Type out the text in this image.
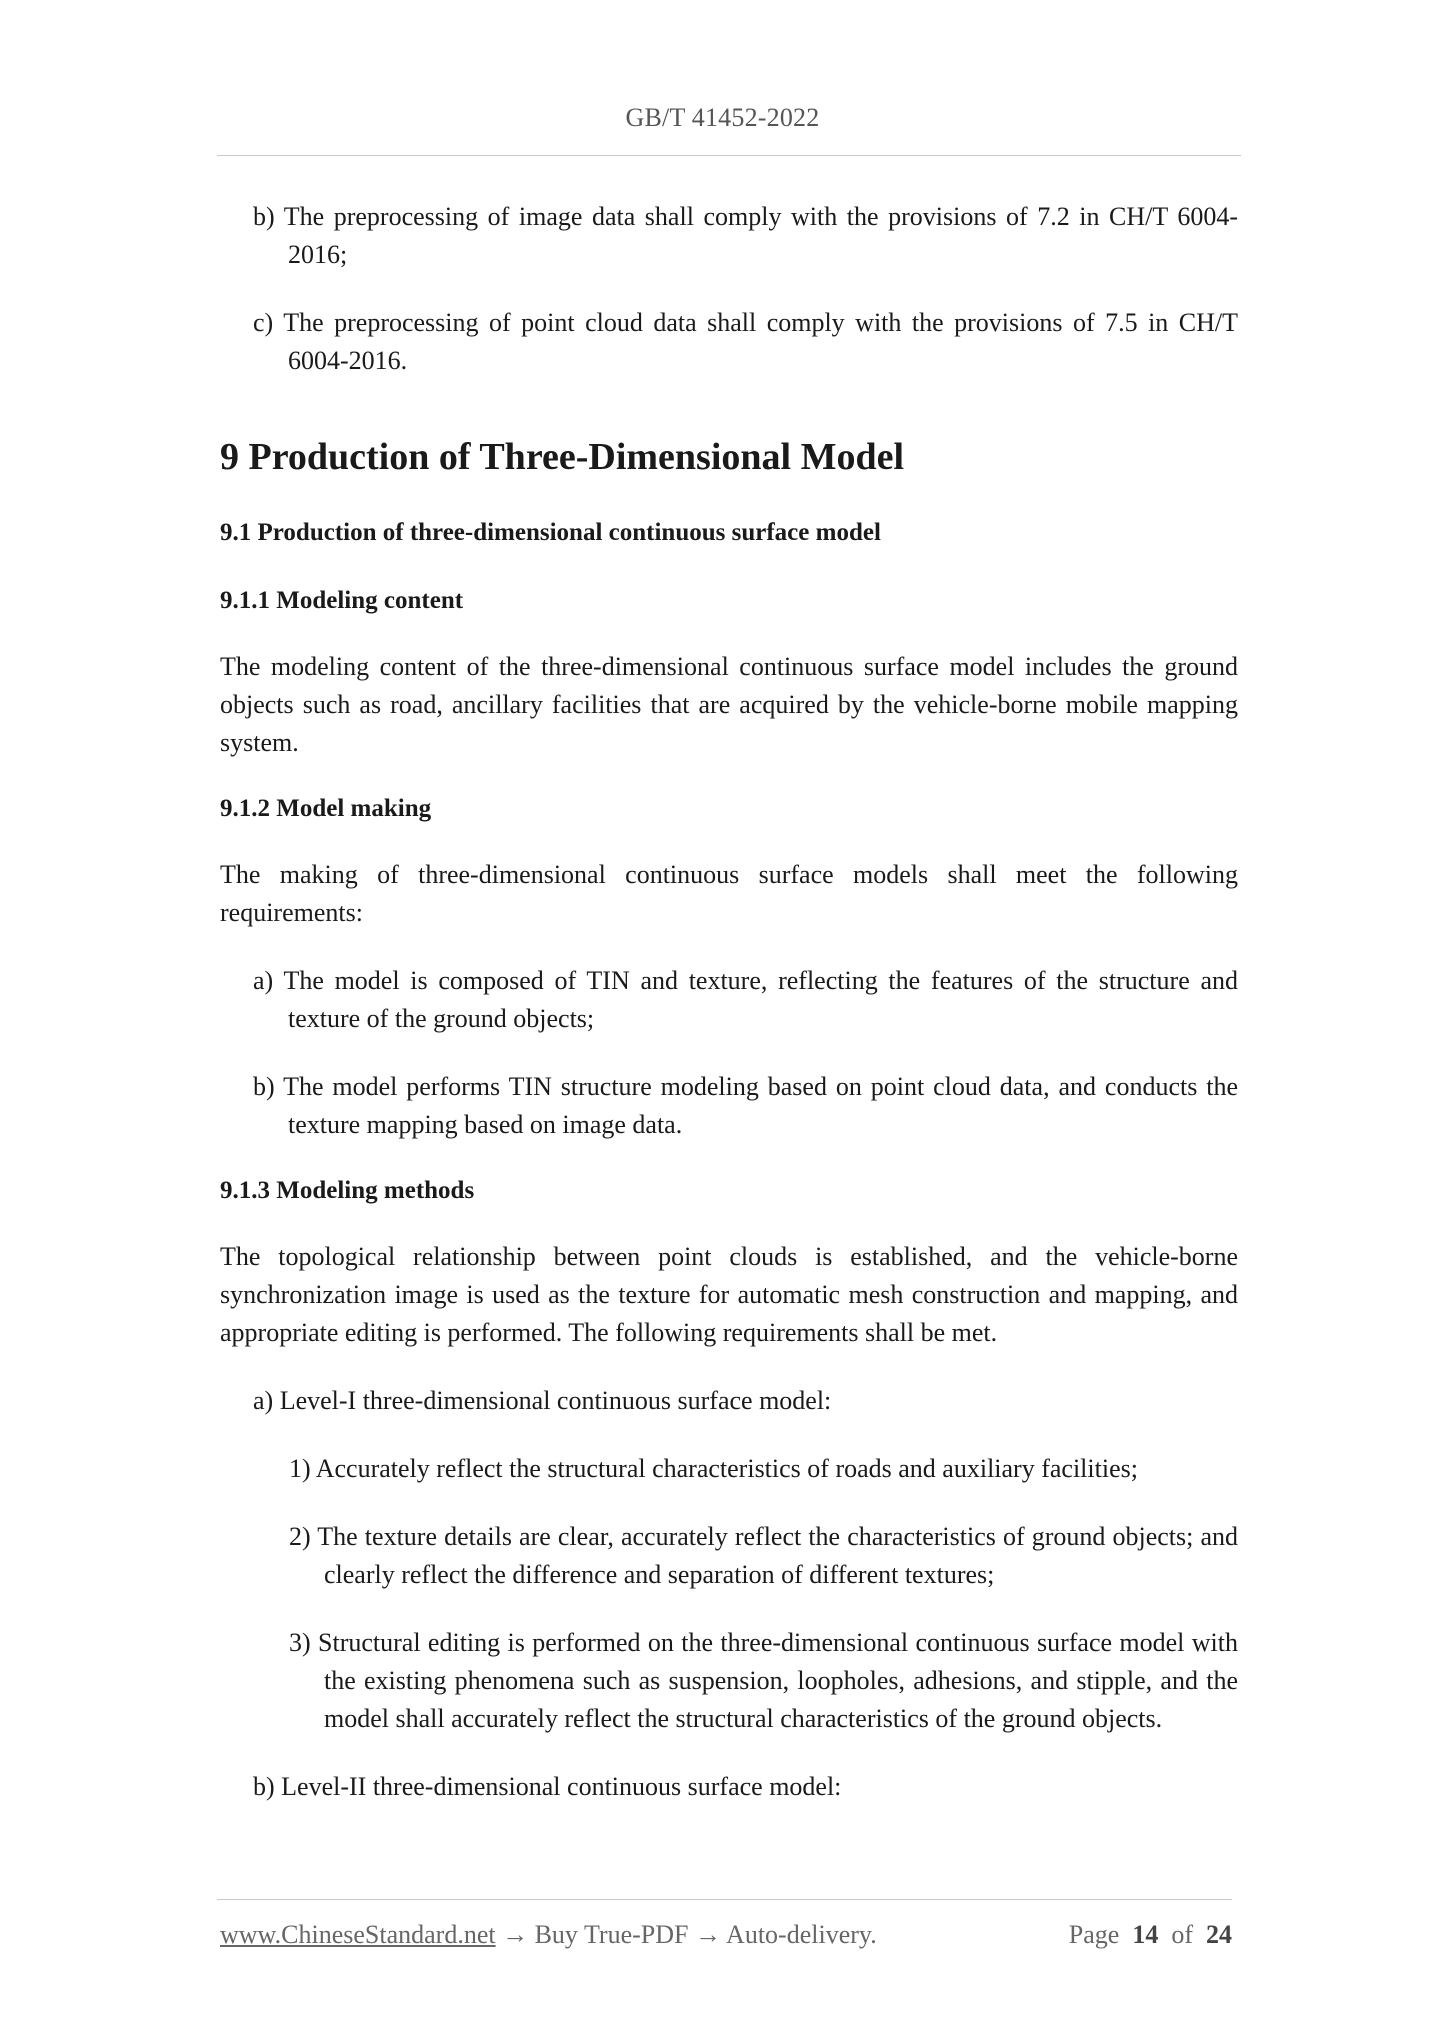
GB/T 41452-2022

b) The preprocessing of image data shall comply with the provisions of 7.2 in CH/T 6004-2016;

c) The preprocessing of point cloud data shall comply with the provisions of 7.5 in CH/T 6004-2016.

9 Production of Three-Dimensional Model
9.1 Production of three-dimensional continuous surface model
9.1.1 Modeling content

The modeling content of the three-dimensional continuous surface model includes the ground objects such as road, ancillary facilities that are acquired by the vehicle-borne mobile mapping system.

9.1.2 Model making

The making of three-dimensional continuous surface models shall meet the following requirements:

a) The model is composed of TIN and texture, reflecting the features of the structure and texture of the ground objects;

b) The model performs TIN structure modeling based on point cloud data, and conducts the texture mapping based on image data.

9.1.3 Modeling methods

The topological relationship between point clouds is established, and the vehicle-borne synchronization image is used as the texture for automatic mesh construction and mapping, and appropriate editing is performed. The following requirements shall be met.

a) Level-I three-dimensional continuous surface model:

1) Accurately reflect the structural characteristics of roads and auxiliary facilities;

2) The texture details are clear, accurately reflect the characteristics of ground objects; and clearly reflect the difference and separation of different textures;

3) Structural editing is performed on the three-dimensional continuous surface model with the existing phenomena such as suspension, loopholes, adhesions, and stipple, and the model shall accurately reflect the structural characteristics of the ground objects.

b) Level-II three-dimensional continuous surface model:

www.ChineseStandard.net → Buy True-PDF → Auto-delivery.	Page 14 of 24
